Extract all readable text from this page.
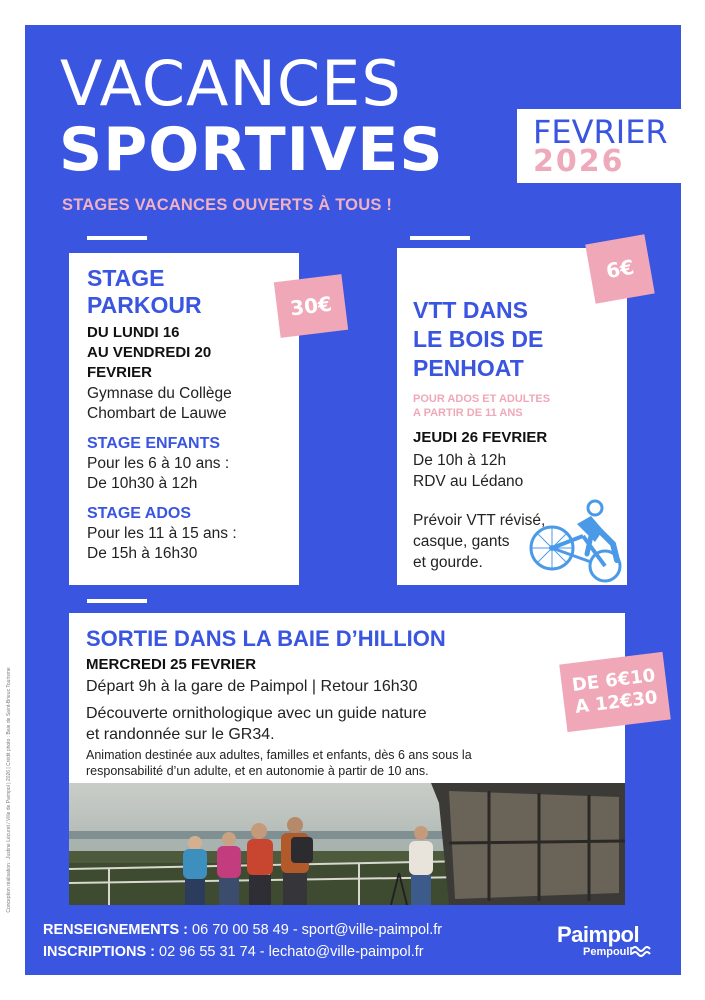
Conception réalisation : Justine Lécuret / Ville de Paimpol | 2026 | Crédit photo : Baie de Saint-Brieuc Tourisme
VACANCES
SPORTIVES	FEVRIER
2026
STAGES VACANCES OUVERTS À TOUS !
STAGE
PARKOUR
DU LUNDI 16
AU VENDREDI 20
FEVRIER
Gymnase du Collège
Chombart de Lauwe
STAGE ENFANTS
Pour les 6 à 10 ans :
De 10h30 à 12h
STAGE ADOS
Pour les 11 à 15 ans :
De 15h à 16h30
30€	VTT DANS
LE BOIS DE
PENHOAT
POUR ADOS ET ADULTES
A PARTIR DE 11 ANS
JEUDI 26 FEVRIER
De 10h à 12h
RDV au Lédano
Prévoir VTT révisé,
casque, gants
et gourde.
6€
SORTIE DANS LA BAIE D’HILLION
MERCREDI 25 FEVRIER
Départ 9h à la gare de Paimpol | Retour 16h30
Découverte ornithologique avec un guide nature
et randonnée sur le GR34.
Animation destinée aux adultes, familles et enfants, dès 6 ans sous la
responsabilité d’un adulte, et en autonomie à partir de 10 ans.
DE 6€10
A 12€30
RENSEIGNEMENTS : 06 70 00 58 49 - sport@ville-paimpol.fr
INSCRIPTIONS : 02 96 55 31 74 - lechato@ville-paimpol.fr
Paimpol
Pempoull
